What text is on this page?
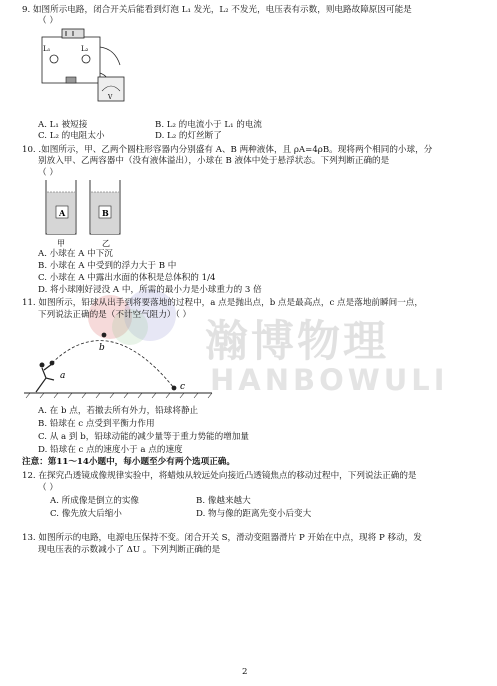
瀚博物理
HANBOWULI
9. 如图所示电路，闭合开关后能看到灯泡 L₁ 发光，L₂ 不发光，电压表有示数，则电路故障原因可能是
（ ）
L₁	L₂
V
A. L₁ 被短接	B. L₂ 的电流小于 L₁ 的电流
C. L₂ 的电阻太小	D. L₂ 的灯丝断了
10. .如图所示，甲、乙两个圆柱形容器内分别盛有 A、B 两种液体，且 ρA=4ρB。现将两个相同的小球，分
别放入甲、乙两容器中（没有液体溢出），小球在 B 液体中处于悬浮状态。下列判断正确的是
（ ）
A	B
甲	乙
A. 小球在 A 中下沉
B. 小球在 A 中受到的浮力大于 B 中
C. 小球在 A 中露出水面的体积是总体积的 1/4
D. 将小球刚好浸没 A 中，所需的最小力是小球重力的 3 倍
11. 如图所示，铅球从出手到将要落地的过程中，a 点是抛出点，b 点是最高点，c 点是落地前瞬间一点，
下列说法正确的是（不计空气阻力）（ ）
a
b
c
A. 在 b 点，若撤去所有外力，铅球将静止
B. 铅球在 c 点受到平衡力作用
C. 从 a 到 b，铅球动能的减少量等于重力势能的增加量
D. 铅球在 c 点的速度小于 a 点的速度
注意：第11～14小题中，每小题至少有两个选项正确。
12. 在探究凸透镜成像规律实验中，将蜡烛从较远处向接近凸透镜焦点的移动过程中，下列说法正确的是
（ ）
A. 所成像是倒立的实像	B. 像越来越大
C. 像先放大后缩小	D. 物与像的距离先变小后变大
13. 如图所示的电路，电源电压保持不变。闭合开关 S，滑动变阻器滑片 P 开始在中点，现将 P 移动，发
现电压表的示数减小了 ΔU 。下列判断正确的是
2
